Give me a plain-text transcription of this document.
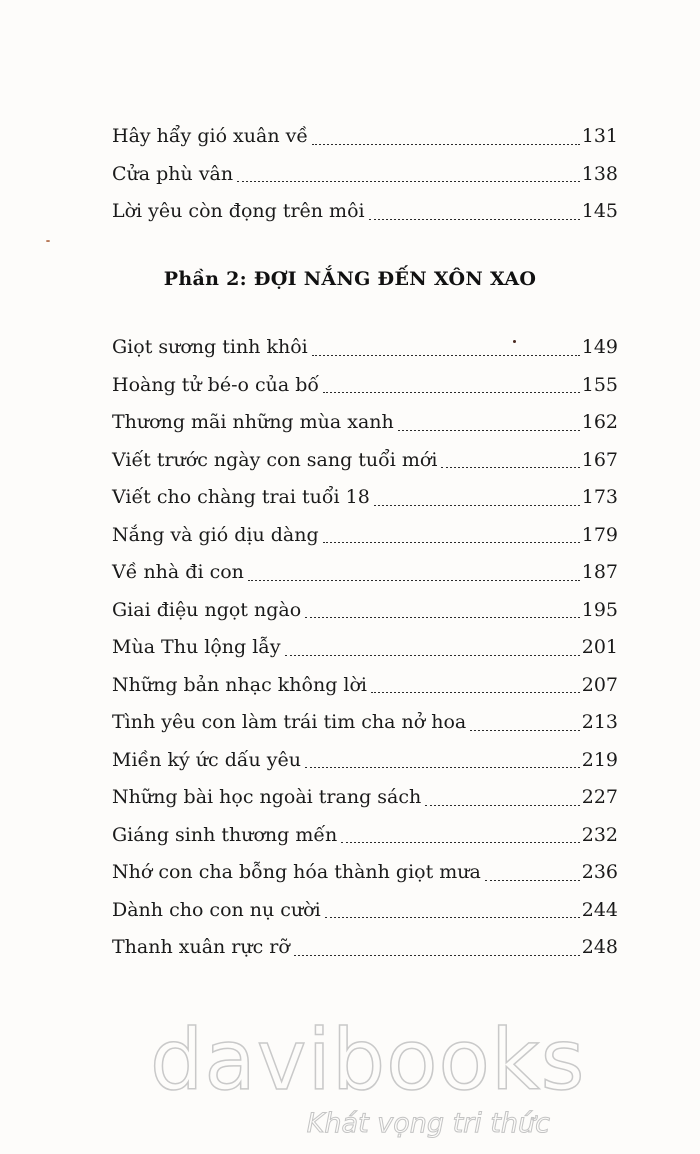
Hây hẩy gió xuân về	131
Cửa phù vân	138
Lời yêu còn đọng trên môi	145
Phần 2: ĐỢI NẮNG ĐẾN XÔN XAO
Giọt sương tinh khôi	149
Hoàng tử bé-o của bố	155
Thương mãi những mùa xanh	162
Viết trước ngày con sang tuổi mới	167
Viết cho chàng trai tuổi 18	173
Nắng và gió dịu dàng	179
Về nhà đi con	187
Giai điệu ngọt ngào	195
Mùa Thu lộng lẫy	201
Những bản nhạc không lời	207
Tình yêu con làm trái tim cha nở hoa	213
Miền ký ức dấu yêu	219
Những bài học ngoài trang sách	227
Giáng sinh thương mến	232
Nhớ con cha bỗng hóa thành giọt mưa	236
Dành cho con nụ cười	244
Thanh xuân rực rỡ	248
davibooks
Khát vọng tri thức
